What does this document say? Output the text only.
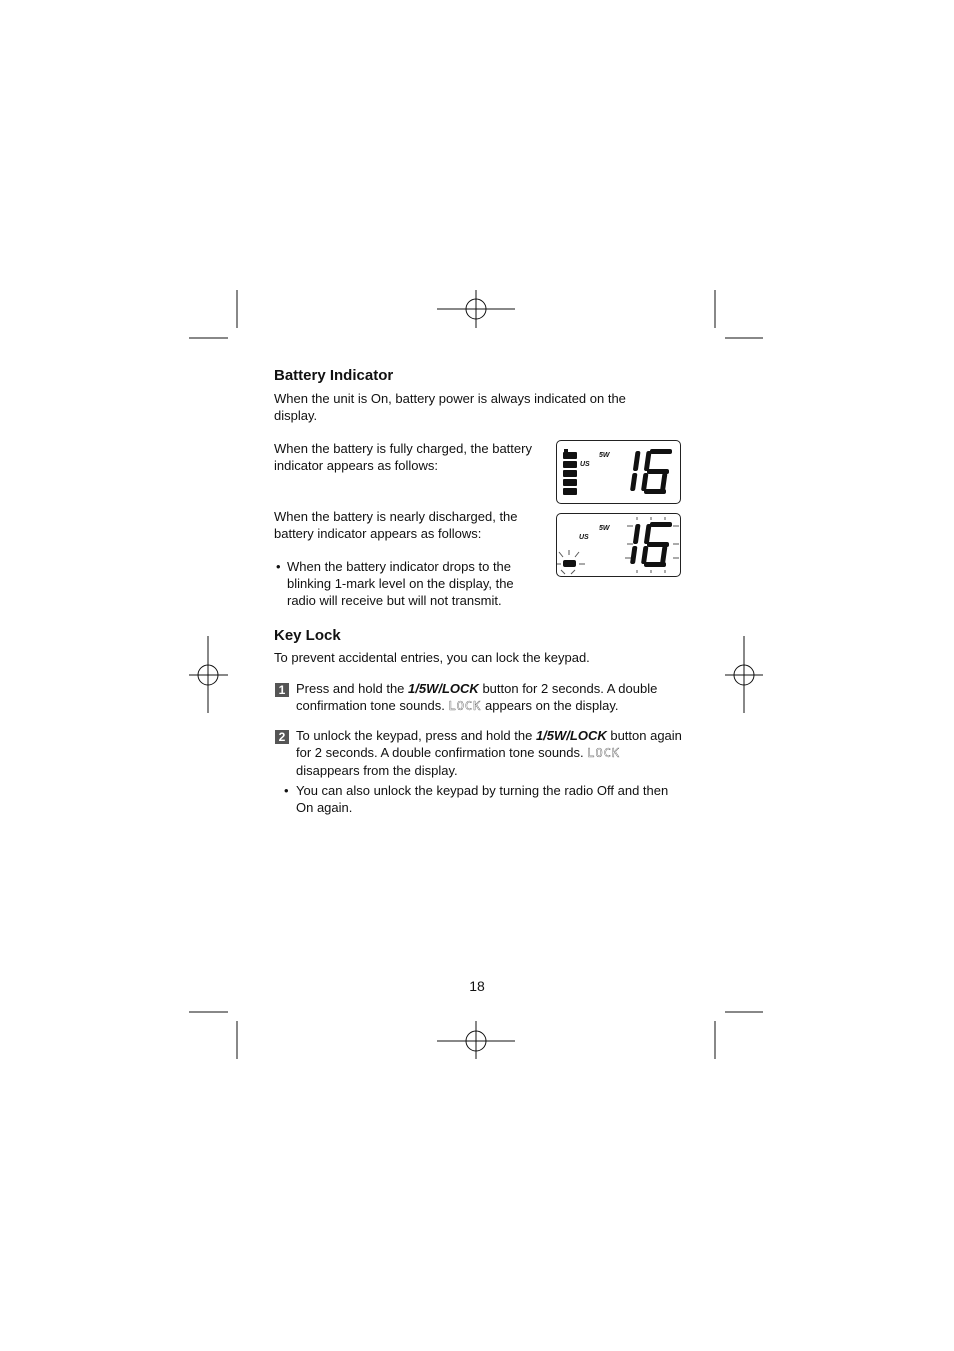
Battery Indicator
When the unit is On, battery power is always indicated on the display.
When the battery is fully charged, the battery indicator appears as follows:
5W
US
When the battery is nearly discharged, the battery indicator appears as follows:	5W
US
• When the battery indicator drops to the blinking 1-mark level on the display, the radio will receive but will not transmit.
Key Lock
To prevent accidental entries, you can lock the keypad.
1 Press and hold the 1/5W/LOCK button for 2 seconds. A double confirmation tone sounds. LOCK appears on the display.
2 To unlock the keypad, press and hold the 1/5W/LOCK button again for 2 seconds. A double confirmation tone sounds. LOCK disappears from the display.
• You can also unlock the keypad by turning the radio Off and then On again.
18
